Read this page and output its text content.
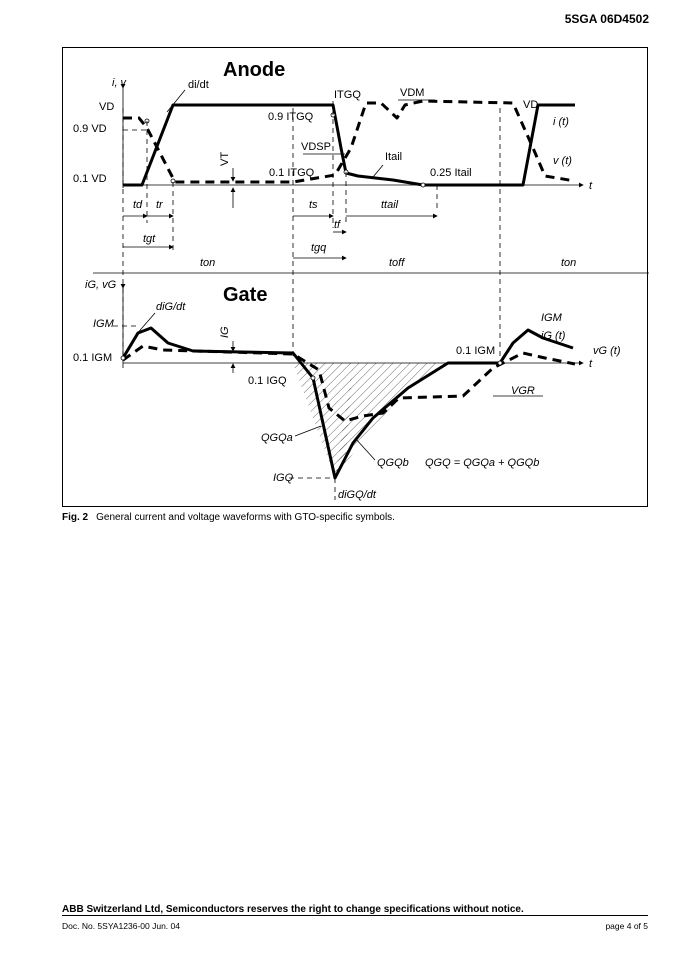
5SGA 06D4502
Anode
i, v
t
VD
0.9 VD
0.1 VD
di/dt
VT
0.9 ITGQ
ITGQ
0.1 ITGQ
VDM
VDSP
Itail
0.25 Itail
VD
i (t)
v (t)
td tr
tgt
ts
tf
ttail
tgq
ton	toff	ton
Gate
iG, vG
t
IGM
diG/dt
IG
0.1 IGM
0.1 IGQ
QGQa
QGQb QGQ = QGQa + QGQb
IGQ
diGQ/dt
0.1 IGM
VGR
IGM
iG (t)
vG (t)
Fig. 2 General current and voltage waveforms with GTO-specific symbols.
ABB Switzerland Ltd, Semiconductors reserves the right to change specifications without notice.
Doc. No. 5SYA1236-00 Jun. 04	page 4 of 5
